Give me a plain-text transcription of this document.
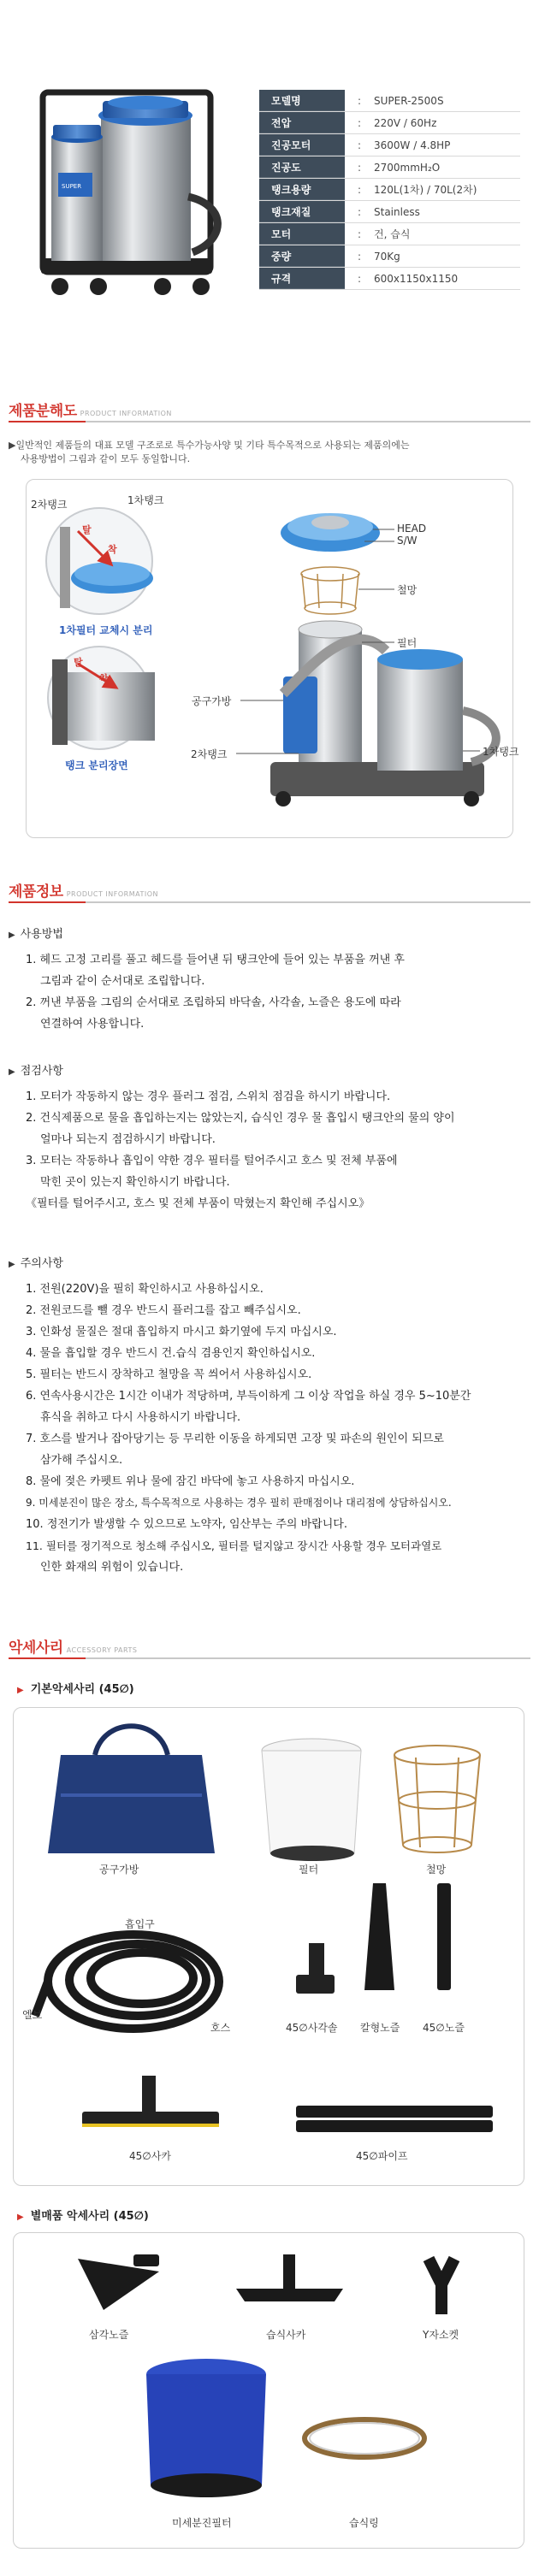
SUPER
모델명	:	SUPER-2500S
전압	:	220V / 60Hz
진공모터	:	3600W / 4.8HP
진공도	:	2700mmH₂O
탱크용량	:	120L(1차) / 70L(2차)
탱크재질	:	Stainless
모터	:	건, 습식
중량	:	70Kg
규격	:	600x1150x1150
제품분해도 PRODUCT INFORMATION
▶일반적인 제품들의 대표 모델 구조로로 특수가능사양 및 기타 특수목적으로 사용되는 제품의에는
사용방법이 그림과 같이 모두 동일합니다.
2차탱크	1차탱크
탈
착
1차필터 교체시 분리
탈
착
탱크 분리장면
HEAD
S/W
철망
필터
공구가방
2차탱크	1차탱크
제품정보 PRODUCT INFORMATION
▶ 사용방법
1. 헤드 고정 고리를 풀고 헤드를 들어낸 뒤 탱크안에 들어 있는 부품을 꺼낸 후
그림과 같이 순서대로 조립합니다.
2. 꺼낸 부품을 그림의 순서대로 조립하되 바닥솔, 사각솔, 노즐은 용도에 따라
연결하여 사용합니다.
▶ 점검사항
1. 모터가 작동하지 않는 경우 플러그 점검, 스위치 점검을 하시기 바랍니다.
2. 건식제품으로 물을 흡입하는지는 않았는지, 습식인 경우 물 흡입시 탱크안의 물의 양이
얼마나 되는지 점검하시기 바랍니다.
3. 모터는 작동하나 흡입이 약한 경우 필터를 털어주시고 호스 및 전체 부품에
막힌 곳이 있는지 확인하시기 바랍니다.
《필터를 털어주시고, 호스 및 전체 부품이 막혔는지 확인해 주십시오》
▶ 주의사항
1. 전원(220V)을 필히 확인하시고 사용하십시오.
2. 전원코드를 뺄 경우 반드시 플러그를 잡고 빼주십시오.
3. 인화성 물질은 절대 흡입하지 마시고 화기옆에 두지 마십시오.
4. 물을 흡입할 경우 반드시 건.습식 겸용인지 확인하십시오.
5. 필터는 반드시 장착하고 철망을 꼭 씌어서 사용하십시오.
6. 연속사용시간은 1시간 이내가 적당하며, 부득이하게 그 이상 작업을 하실 경우 5~10분간
휴식을 취하고 다시 사용하시기 바랍니다.
7. 호스를 발거나 잡아당기는 등 무리한 이동을 하게되면 고장 및 파손의 원인이 되므로
삼가해 주십시오.
8. 물에 젖은 카펫트 위나 물에 잠긴 바닥에 놓고 사용하지 마십시오.
9. 미세분진이 많은 장소, 특수목적으로 사용하는 경우 필히 판매점이나 대리점에 상담하십시오.
10. 정전기가 발생할 수 있으므로 노약자, 임산부는 주의 바랍니다.
11. 필터를 정기적으로 청소해 주십시오, 필터를 털지않고 장시간 사용할 경우 모터과열로
인한 화재의 위험이 있습니다.
악세사리 ACCESSORY PARTS
▶ 기본악세사리 (45∅)
공구가방	필터	철망
흡입구
엘보
호스	45∅사각솔 칼형노즐 45∅노즐
45∅사카	45∅파이프
▶ 별매품 악세사리 (45∅)
삼각노즐	습식사카	Y자소켓
미세분진필터	습식링
